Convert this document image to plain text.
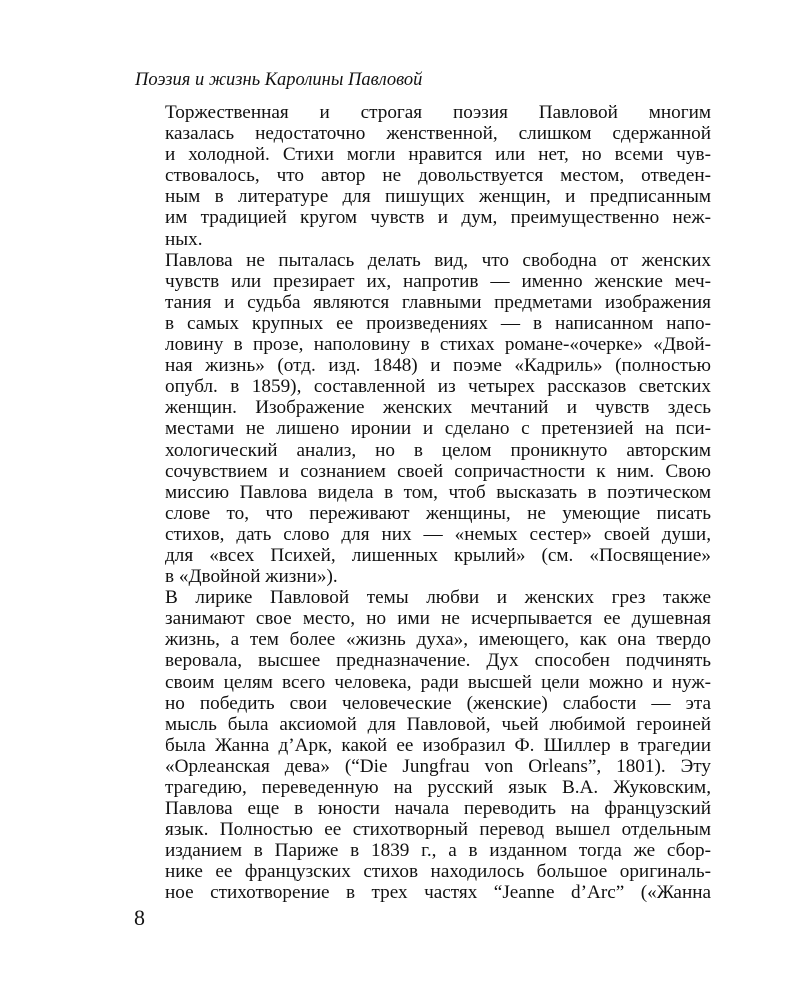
Поэзия и жизнь Каролины Павловой

Торжественная и строгая поэзия Павловой многим
казалась недостаточно женственной, слишком сдержанной
и холодной. Стихи могли нравится или нет, но всеми чув-
ствовалось, что автор не довольствуется местом, отведен-
ным в литературе для пишущих женщин, и предписанным
им традицией кругом чувств и дум, преимущественно неж-
ных.

Павлова не пыталась делать вид, что свободна от женских
чувств или презирает их, напротив — именно женские меч-
тания и судьба являются главными предметами изображения
в самых крупных ее произведениях — в написанном напо-
ловину в прозе, наполовину в стихах романе-«очерке» «Двой-
ная жизнь» (отд. изд. 1848) и поэме «Кадриль» (полностью
опубл. в 1859), составленной из четырех рассказов светских
женщин. Изображение женских мечтаний и чувств здесь
местами не лишено иронии и сделано с претензией на пси-
хологический анализ, но в целом проникнуто авторским
сочувствием и сознанием своей сопричастности к ним. Свою
миссию Павлова видела в том, чтоб высказать в поэтическом
слове то, что переживают женщины, не умеющие писать
стихов, дать слово для них — «немых сестер» своей души,
для «всех Психей, лишенных крылий» (см. «Посвящение»
в «Двойной жизни»).

В лирике Павловой темы любви и женских грез также
занимают свое место, но ими не исчерпывается ее душевная
жизнь, а тем более «жизнь духа», имеющего, как она твердо
веровала, высшее предназначение. Дух способен подчинять
своим целям всего человека, ради высшей цели можно и нуж-
но победить свои человеческие (женские) слабости — эта
мысль была аксиомой для Павловой, чьей любимой героиней
была Жанна д’Арк, какой ее изобразил Ф. Шиллер в трагедии
«Орлеанская дева» (“Die Jungfrau von Orleans”, 1801). Эту
трагедию, переведенную на русский язык В.А. Жуковским,
Павлова еще в юности начала переводить на французский
язык. Полностью ее стихотворный перевод вышел отдельным
изданием в Париже в 1839 г., а в изданном тогда же сбор-
нике ее французских стихов находилось большое оригиналь-
ное стихотворение в трех частях “Jeanne d’Arc” («Жанна

8
